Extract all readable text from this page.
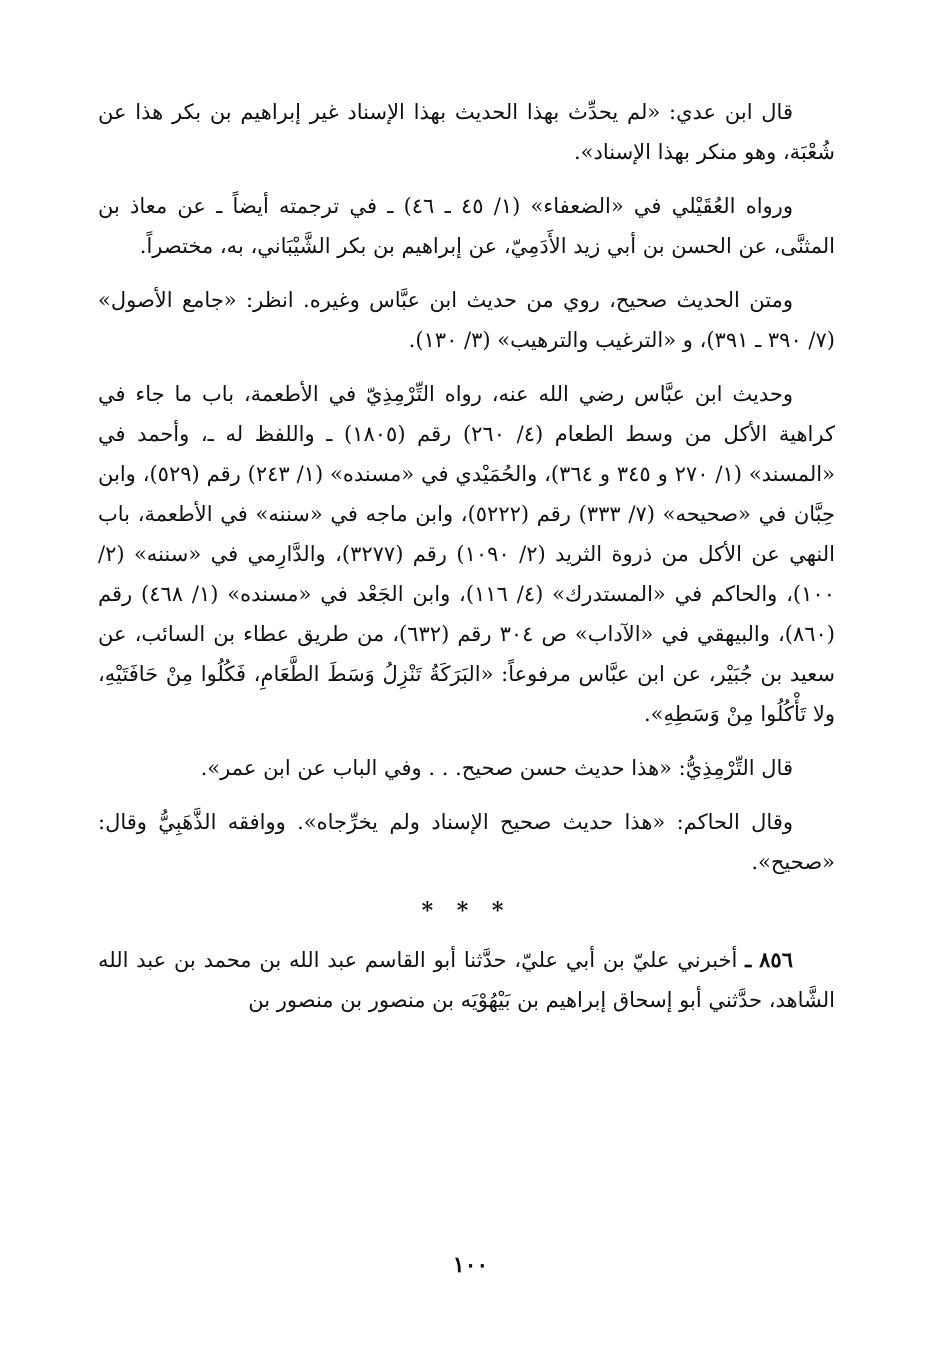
قال ابن عدي: «لم يحدِّث بهذا الحديث بهذا الإسناد غير إبراهيم بن بكر هذا عن شُعْبَة، وهو منكر بهذا الإسناد».

ورواه العُقَيْلي في «الضعفاء» (١/ ٤٥ ـ ٤٦) ـ في ترجمته أيضاً ـ عن معاذ بن المثنَّى، عن الحسن بن أبي زيد الأَدَمِيّ، عن إبراهيم بن بكر الشَّيْبَاني، به، مختصراً.

ومتن الحديث صحيح، روي من حديث ابن عبَّاس وغيره. انظر: «جامع الأصول» (٧/ ٣٩٠ ـ ٣٩١)، و «الترغيب والترهيب» (٣/ ١٣٠).

وحديث ابن عبَّاس رضي الله عنه، رواه التِّرْمِذِيّ في الأطعمة، باب ما جاء في كراهية الأكل من وسط الطعام (٤/ ٢٦٠) رقم (١٨٠٥) ـ واللفظ له ـ، وأحمد في «المسند» (١/ ٢٧٠ و ٣٤٥ و ٣٦٤)، والحُمَيْدي في «مسنده» (١/ ٢٤٣) رقم (٥٢٩)، وابن حِبَّان في «صحيحه» (٧/ ٣٣٣) رقم (٥٢٢٢)، وابن ماجه في «سننه» في الأطعمة، باب النهي عن الأكل من ذروة الثريد (٢/ ١٠٩٠) رقم (٣٢٧٧)، والدَّارِمي في «سننه» (٢/ ١٠٠)، والحاكم في «المستدرك» (٤/ ١١٦)، وابن الجَعْد في «مسنده» (١/ ٤٦٨) رقم (٨٦٠)، والبيهقي في «الآداب» ص ٣٠٤ رقم (٦٣٢)، من طريق عطاء بن السائب، عن سعيد بن جُبَيْر، عن ابن عبَّاس مرفوعاً: «البَرَكَةُ تَنْزِلُ وَسَطَ الطَّعَامِ، فَكُلُوا مِنْ حَافَتَيْهِ، ولا تَأْكُلُوا مِنْ وَسَطِهِ».

قال التِّرْمِذِيُّ: «هذا حديث حسن صحيح. . . وفي الباب عن ابن عمر».

وقال الحاكم: «هذا حديث صحيح الإسناد ولم يخرِّجاه». ووافقه الذَّهَبِيُّ وقال: «صحيح».

* * *

٨٥٦ ـ أخبرني عليّ بن أبي عليّ، حدَّثنا أبو القاسم عبد الله بن محمد بن عبد الله الشَّاهد، حدَّثني أبو إسحاق إبراهيم بن بَيْهُوْيَه بن منصور بن منصور بن

١٠٠
